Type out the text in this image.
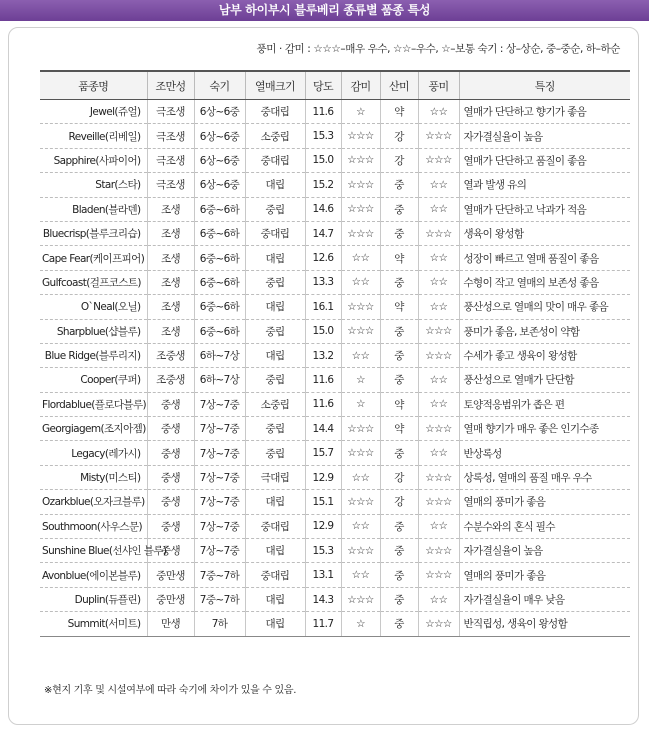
남부 하이부시 블루베리 종류별 품종 특성
풍미 · 감미 : ☆☆☆–매우 우수, ☆☆–우수, ☆–보통 숙기 : 상–상순, 중–중순, 하–하순
품종명	조만성	숙기	열매크기	당도	감미	산미	풍미	특징
Jewel(쥬얼)	극조생	6상~6중	중대립	11.6	☆	약	☆☆	열매가 단단하고 향기가 좋음
Reveille(리베일)	극조생	6상~6중	소중립	15.3	☆☆☆	강	☆☆☆	자가결실율이 높음
Sapphire(사파이어)	극조생	6상~6중	중대립	15.0	☆☆☆	강	☆☆☆	열매가 단단하고 품질이 좋음
Star(스타)	극조생	6상~6중	대립	15.2	☆☆☆	중	☆☆	열과 발생 유의
Bladen(블라덴)	조생	6중~6하	중립	14.6	☆☆☆	중	☆☆	열매가 단단하고 낙과가 적음
Bluecrisp(블루크리습)	조생	6중~6하	중대립	14.7	☆☆☆	중	☆☆☆	생육이 왕성함
Cape Fear(케이프피어)	조생	6중~6하	대립	12.6	☆☆	약	☆☆	성장이 빠르고 열매 품질이 좋음
Gulfcoast(걸프코스트)	조생	6중~6하	중립	13.3	☆☆	중	☆☆	수형이 작고 열매의 보존성 좋음
O`Neal(오닐)	조생	6중~6하	대립	16.1	☆☆☆	약	☆☆	풍산성으로 열매의 맛이 매우 좋음
Sharpblue(샵블루)	조생	6중~6하	중립	15.0	☆☆☆	중	☆☆☆	풍미가 좋음, 보존성이 약함
Blue Ridge(블루리지)	조중생	6하~7상	대립	13.2	☆☆	중	☆☆☆	수세가 좋고 생육이 왕성함
Cooper(쿠퍼)	조중생	6하~7상	중립	11.6	☆	중	☆☆	풍산성으로 열매가 단단함
Flordablue(플로다블루)	중생	7상~7중	소중립	11.6	☆	약	☆☆	토양적응범위가 좁은 편
Georgiagem(조지아젬)	중생	7상~7중	중립	14.4	☆☆☆	약	☆☆☆	열매 향기가 매우 좋은 인기수종
Legacy(레가시)	중생	7상~7중	중립	15.7	☆☆☆	중	☆☆	반상록성
Misty(미스티)	중생	7상~7중	극대립	12.9	☆☆	강	☆☆☆	상록성, 열매의 품질 매우 우수
Ozarkblue(오자크블루)	중생	7상~7중	대립	15.1	☆☆☆	강	☆☆☆	열매의 풍미가 좋음
Southmoon(사우스문)	중생	7상~7중	중대립	12.9	☆☆	중	☆☆	수분수와의 혼식 필수
Sunshine Blue(선샤인 블루)	중생	7상~7중	대립	15.3	☆☆☆	중	☆☆☆	자가결실율이 높음
Avonblue(에이본블루)	중만생	7중~7하	중대립	13.1	☆☆	중	☆☆☆	열매의 풍미가 좋음
Duplin(듀플린)	중만생	7중~7하	대립	14.3	☆☆☆	중	☆☆	자가결실율이 매우 낮음
Summit(서미트)	만생	7하	대립	11.7	☆	중	☆☆☆	반직립성, 생육이 왕성함
※현지 기후 및 시설여부에 따라 숙기에 차이가 있을 수 있음.
